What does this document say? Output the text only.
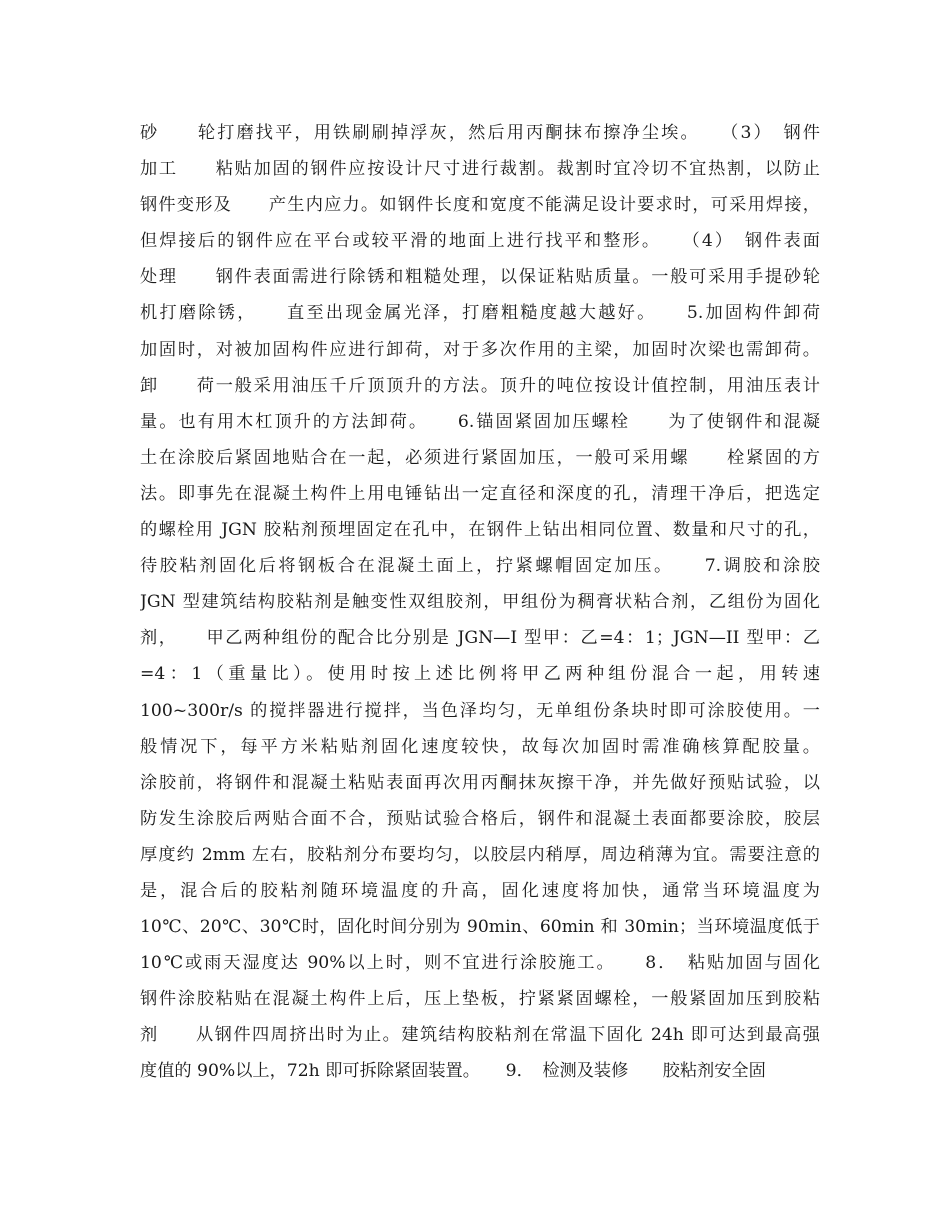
砂　　轮打磨找平，用铁刷刷掉浮灰，然后用丙酮抹布擦净尘埃。　　（3）　钢件
加工　　粘贴加固的钢件应按设计尺寸进行裁割。裁割时宜冷切不宜热割，以防止
钢件变形及　　产生内应力。如钢件长度和宽度不能满足设计要求时，可采用焊接，
但焊接后的钢件应在平台或较平滑的地面上进行找平和整形。　　（4）　钢件表面
处理　　钢件表面需进行除锈和粗糙处理，以保证粘贴质量。一般可采用手提砂轮
机打磨除锈，　　直至出现金属光泽，打磨粗糙度越大越好。　　5.加固构件卸荷
加固时，对被加固构件应进行卸荷，对于多次作用的主梁，加固时次梁也需卸荷。
卸　　荷一般采用油压千斤顶顶升的方法。顶升的吨位按设计值控制，用油压表计
量。也有用木杠顶升的方法卸荷。　　6.锚固紧固加压螺栓　　为了使钢件和混凝
土在涂胶后紧固地贴合在一起，必须进行紧固加压，一般可采用螺　　栓紧固的方
法。即事先在混凝土构件上用电锤钻出一定直径和深度的孔，清理干净后，把选定
的螺栓用 JGN 胶粘剂预埋固定在孔中，在钢件上钻出相同位置、数量和尺寸的孔，
待胶粘剂固化后将钢板合在混凝土面上，拧紧螺帽固定加压。　　7.调胶和涂胶
JGN 型建筑结构胶粘剂是触变性双组胶剂，甲组份为稠膏状粘合剂，乙组份为固化
剂，　　甲乙两种组份的配合比分别是 JGN—I 型甲：乙=4：1；JGN—II 型甲：乙
=4：1（重量比）。使用时按上述比例将甲乙两种组份混合一起，用转速
100~300r/s 的搅拌器进行搅拌，当色泽均匀，无单组份条块时即可涂胶使用。一
般情况下，每平方米粘贴剂固化速度较快，故每次加固时需准确核算配胶量。
涂胶前，将钢件和混凝土粘贴表面再次用丙酮抹灰擦干净，并先做好预贴试验，以
防发生涂胶后两贴合面不合，预贴试验合格后，钢件和混凝土表面都要涂胶，胶层
厚度约 2mm 左右，胶粘剂分布要均匀，以胶层内稍厚，周边稍薄为宜。需要注意的
是，混合后的胶粘剂随环境温度的升高，固化速度将加快，通常当环境温度为
10℃、20℃、30℃时，固化时间分别为 90min、60min 和 30min；当环境温度低于
10℃或雨天湿度达 90%以上时，则不宜进行涂胶施工。　　8．　粘贴加固与固化
钢件涂胶粘贴在混凝土构件上后，压上垫板，拧紧紧固螺栓，一般紧固加压到胶粘
剂　　从钢件四周挤出时为止。建筑结构胶粘剂在常温下固化 24h 即可达到最高强
度值的 90%以上，72h 即可拆除紧固装置。　　9．　检测及装修　　胶粘剂安全固
